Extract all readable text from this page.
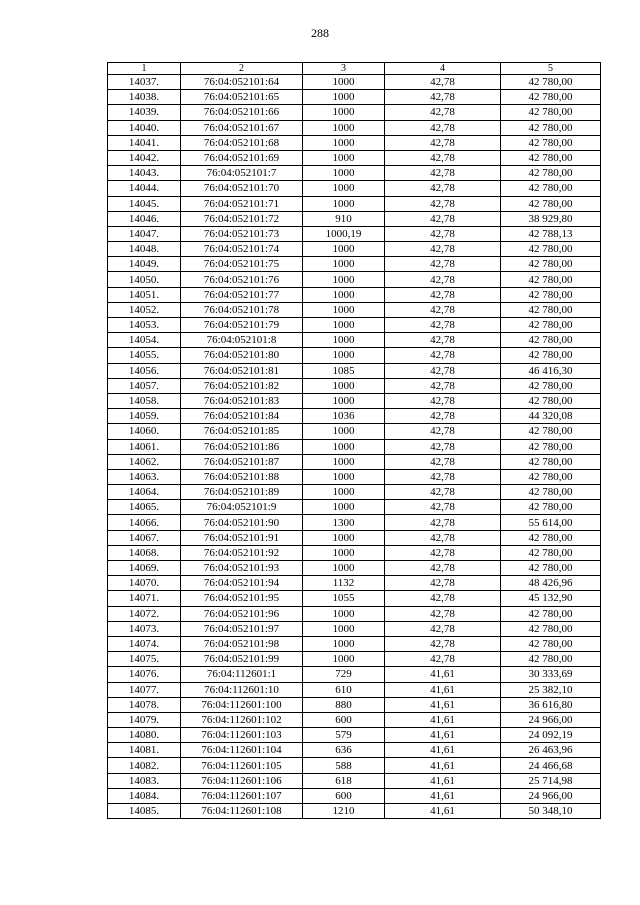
288
1	2	3	4	5
14037.	76:04:052101:64	1000	42,78	42 780,00
14038.	76:04:052101:65	1000	42,78	42 780,00
14039.	76:04:052101:66	1000	42,78	42 780,00
14040.	76:04:052101:67	1000	42,78	42 780,00
14041.	76:04:052101:68	1000	42,78	42 780,00
14042.	76:04:052101:69	1000	42,78	42 780,00
14043.	76:04:052101:7	1000	42,78	42 780,00
14044.	76:04:052101:70	1000	42,78	42 780,00
14045.	76:04:052101:71	1000	42,78	42 780,00
14046.	76:04:052101:72	910	42,78	38 929,80
14047.	76:04:052101:73	1000,19	42,78	42 788,13
14048.	76:04:052101:74	1000	42,78	42 780,00
14049.	76:04:052101:75	1000	42,78	42 780,00
14050.	76:04:052101:76	1000	42,78	42 780,00
14051.	76:04:052101:77	1000	42,78	42 780,00
14052.	76:04:052101:78	1000	42,78	42 780,00
14053.	76:04:052101:79	1000	42,78	42 780,00
14054.	76:04:052101:8	1000	42,78	42 780,00
14055.	76:04:052101:80	1000	42,78	42 780,00
14056.	76:04:052101:81	1085	42,78	46 416,30
14057.	76:04:052101:82	1000	42,78	42 780,00
14058.	76:04:052101:83	1000	42,78	42 780,00
14059.	76:04:052101:84	1036	42,78	44 320,08
14060.	76:04:052101:85	1000	42,78	42 780,00
14061.	76:04:052101:86	1000	42,78	42 780,00
14062.	76:04:052101:87	1000	42,78	42 780,00
14063.	76:04:052101:88	1000	42,78	42 780,00
14064.	76:04:052101:89	1000	42,78	42 780,00
14065.	76:04:052101:9	1000	42,78	42 780,00
14066.	76:04:052101:90	1300	42,78	55 614,00
14067.	76:04:052101:91	1000	42,78	42 780,00
14068.	76:04:052101:92	1000	42,78	42 780,00
14069.	76:04:052101:93	1000	42,78	42 780,00
14070.	76:04:052101:94	1132	42,78	48 426,96
14071.	76:04:052101:95	1055	42,78	45 132,90
14072.	76:04:052101:96	1000	42,78	42 780,00
14073.	76:04:052101:97	1000	42,78	42 780,00
14074.	76:04:052101:98	1000	42,78	42 780,00
14075.	76:04:052101:99	1000	42,78	42 780,00
14076.	76:04:112601:1	729	41,61	30 333,69
14077.	76:04:112601:10	610	41,61	25 382,10
14078.	76:04:112601:100	880	41,61	36 616,80
14079.	76:04:112601:102	600	41,61	24 966,00
14080.	76:04:112601:103	579	41,61	24 092,19
14081.	76:04:112601:104	636	41,61	26 463,96
14082.	76:04:112601:105	588	41,61	24 466,68
14083.	76:04:112601:106	618	41,61	25 714,98
14084.	76:04:112601:107	600	41,61	24 966,00
14085.	76:04:112601:108	1210	41,61	50 348,10
